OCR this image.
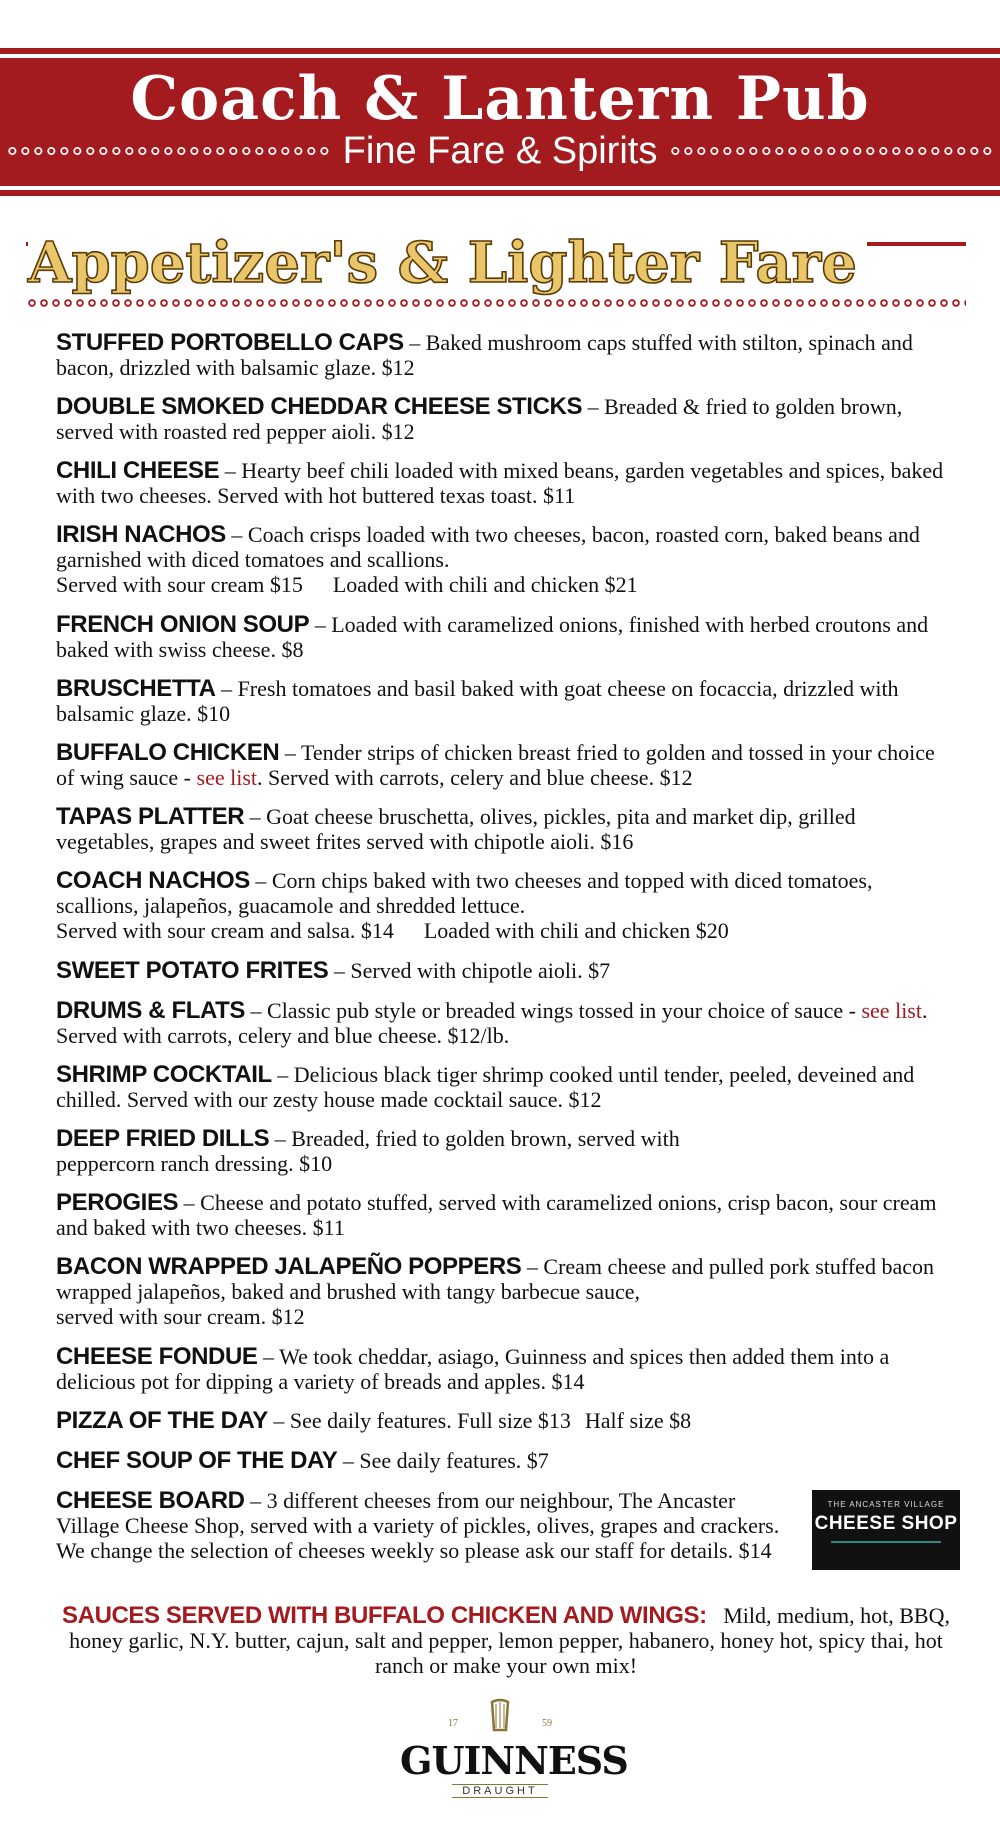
Coach & Lantern Pub
Fine Fare & Spirits
Appetizer's & Lighter Fare
STUFFED PORTOBELLO CAPS – Baked mushroom caps stuffed with stilton, spinach and bacon, drizzled with balsamic glaze. $12
DOUBLE SMOKED CHEDDAR CHEESE STICKS – Breaded & fried to golden brown, served with roasted red pepper aioli. $12
CHILI CHEESE – Hearty beef chili loaded with mixed beans, garden vegetables and spices, baked with two cheeses. Served with hot buttered texas toast. $11
IRISH NACHOS – Coach crisps loaded with two cheeses, bacon, roasted corn, baked beans and garnished with diced tomatoes and scallions.
Served with sour cream $15 Loaded with chili and chicken $21
FRENCH ONION SOUP – Loaded with caramelized onions, finished with herbed croutons and baked with swiss cheese. $8
BRUSCHETTA – Fresh tomatoes and basil baked with goat cheese on focaccia, drizzled with balsamic glaze. $10
BUFFALO CHICKEN – Tender strips of chicken breast fried to golden and tossed in your choice of wing sauce - see list. Served with carrots, celery and blue cheese. $12
TAPAS PLATTER – Goat cheese bruschetta, olives, pickles, pita and market dip, grilled vegetables, grapes and sweet frites served with chipotle aioli. $16
COACH NACHOS – Corn chips baked with two cheeses and topped with diced tomatoes, scallions, jalapeños, guacamole and shredded lettuce.
Served with sour cream and salsa. $14 Loaded with chili and chicken $20
SWEET POTATO FRITES – Served with chipotle aioli. $7
DRUMS & FLATS – Classic pub style or breaded wings tossed in your choice of sauce - see list. Served with carrots, celery and blue cheese. $12/lb.
SHRIMP COCKTAIL – Delicious black tiger shrimp cooked until tender, peeled, deveined and chilled. Served with our zesty house made cocktail sauce. $12
DEEP FRIED DILLS – Breaded, fried to golden brown, served with
peppercorn ranch dressing. $10
PEROGIES – Cheese and potato stuffed, served with caramelized onions, crisp bacon, sour cream and baked with two cheeses. $11
BACON WRAPPED JALAPEÑO POPPERS – Cream cheese and pulled pork stuffed bacon wrapped jalapeños, baked and brushed with tangy barbecue sauce,
served with sour cream. $12
CHEESE FONDUE – We took cheddar, asiago, Guinness and spices then added them into a delicious pot for dipping a variety of breads and apples. $14
PIZZA OF THE DAY – See daily features. Full size $13 Half size $8
CHEF SOUP OF THE DAY – See daily features. $7
CHEESE BOARD – 3 different cheeses from our neighbour, The Ancaster Village Cheese Shop, served with a variety of pickles, olives, grapes and crackers. We change the selection of cheeses weekly so please ask our staff for details. $14
THE ANCASTER VILLAGE
CHEESE SHOP
SAUCES SERVED WITH BUFFALO CHICKEN AND WINGS: Mild, medium, hot, BBQ, honey garlic, N.Y. butter, cajun, salt and pepper, lemon pepper, habanero, honey hot, spicy thai, hot ranch or make your own mix!
17	59
GUINNESS
DRAUGHT
